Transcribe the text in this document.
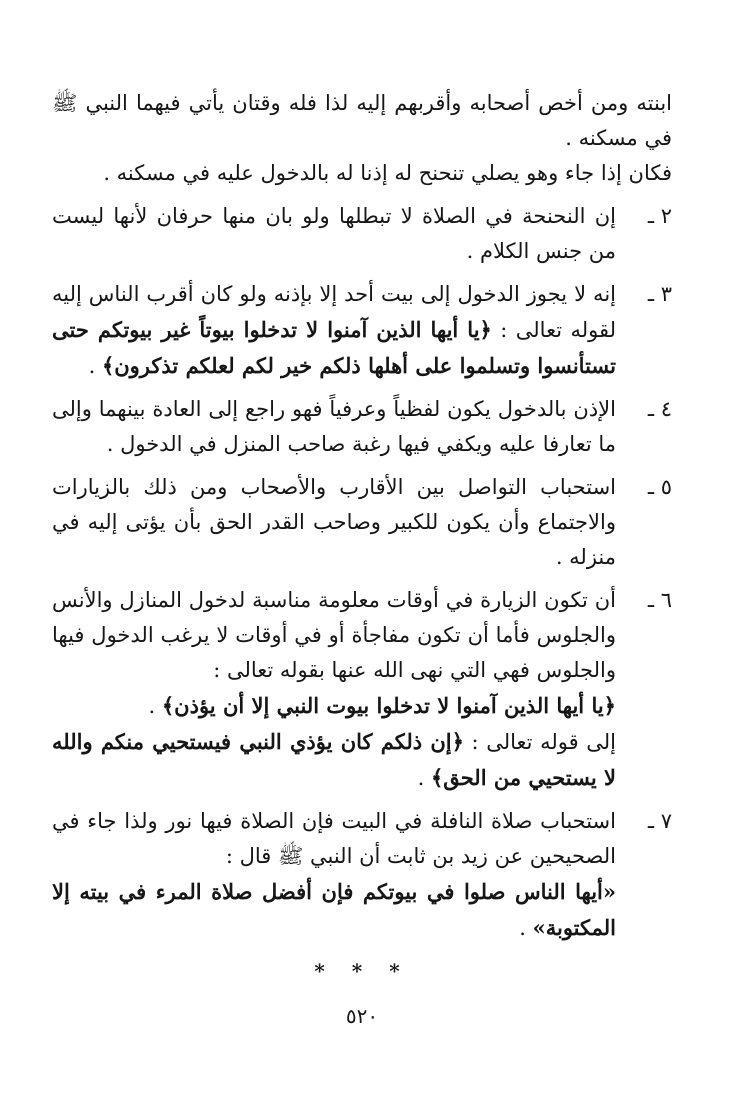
ابنته ومن أخص أصحابه وأقربهم إليه لذا فله وقتان يأتي فيهما النبي ﷺ في مسكنه .
فكان إذا جاء وهو يصلي تنحنح له إذنا له بالدخول عليه في مسكنه .
٢ ـ
إن النحنحة في الصلاة لا تبطلها ولو بان منها حرفان لأنها ليست من جنس الكلام .
٣ ـ
إنه لا يجوز الدخول إلى بيت أحد إلا بإذنه ولو كان أقرب الناس إليه لقوله تعالى : ﴿يا أيها الذين آمنوا لا تدخلوا بيوتاً غير بيوتكم حتى تستأنسوا وتسلموا على أهلها ذلكم خير لكم لعلكم تذكرون﴾ .
٤ ـ
الإذن بالدخول يكون لفظياً وعرفياً فهو راجع إلى العادة بينهما وإلى ما تعارفا عليه ويكفي فيها رغبة صاحب المنزل في الدخول .
٥ ـ
استحباب التواصل بين الأقارب والأصحاب ومن ذلك بالزيارات والاجتماع وأن يكون للكبير وصاحب القدر الحق بأن يؤتى إليه في منزله .
٦ ـ
أن تكون الزيارة في أوقات معلومة مناسبة لدخول المنازل والأنس والجلوس فأما أن تكون مفاجأة أو في أوقات لا يرغب الدخول فيها والجلوس فهي التي نهى الله عنها بقوله تعالى :
﴿يا أيها الذين آمنوا لا تدخلوا بيوت النبي إلا أن يؤذن﴾ .
إلى قوله تعالى : ﴿إن ذلكم كان يؤذي النبي فيستحيي منكم والله لا يستحيي من الحق﴾ .
٧ ـ
استحباب صلاة النافلة في البيت فإن الصلاة فيها نور ولذا جاء في الصحيحين عن زيد بن ثابت أن النبي ﷺ قال :
«أيها الناس صلوا في بيوتكم فإن أفضل صلاة المرء في بيته إلا المكتوبة» .
* * *
٥٢٠
